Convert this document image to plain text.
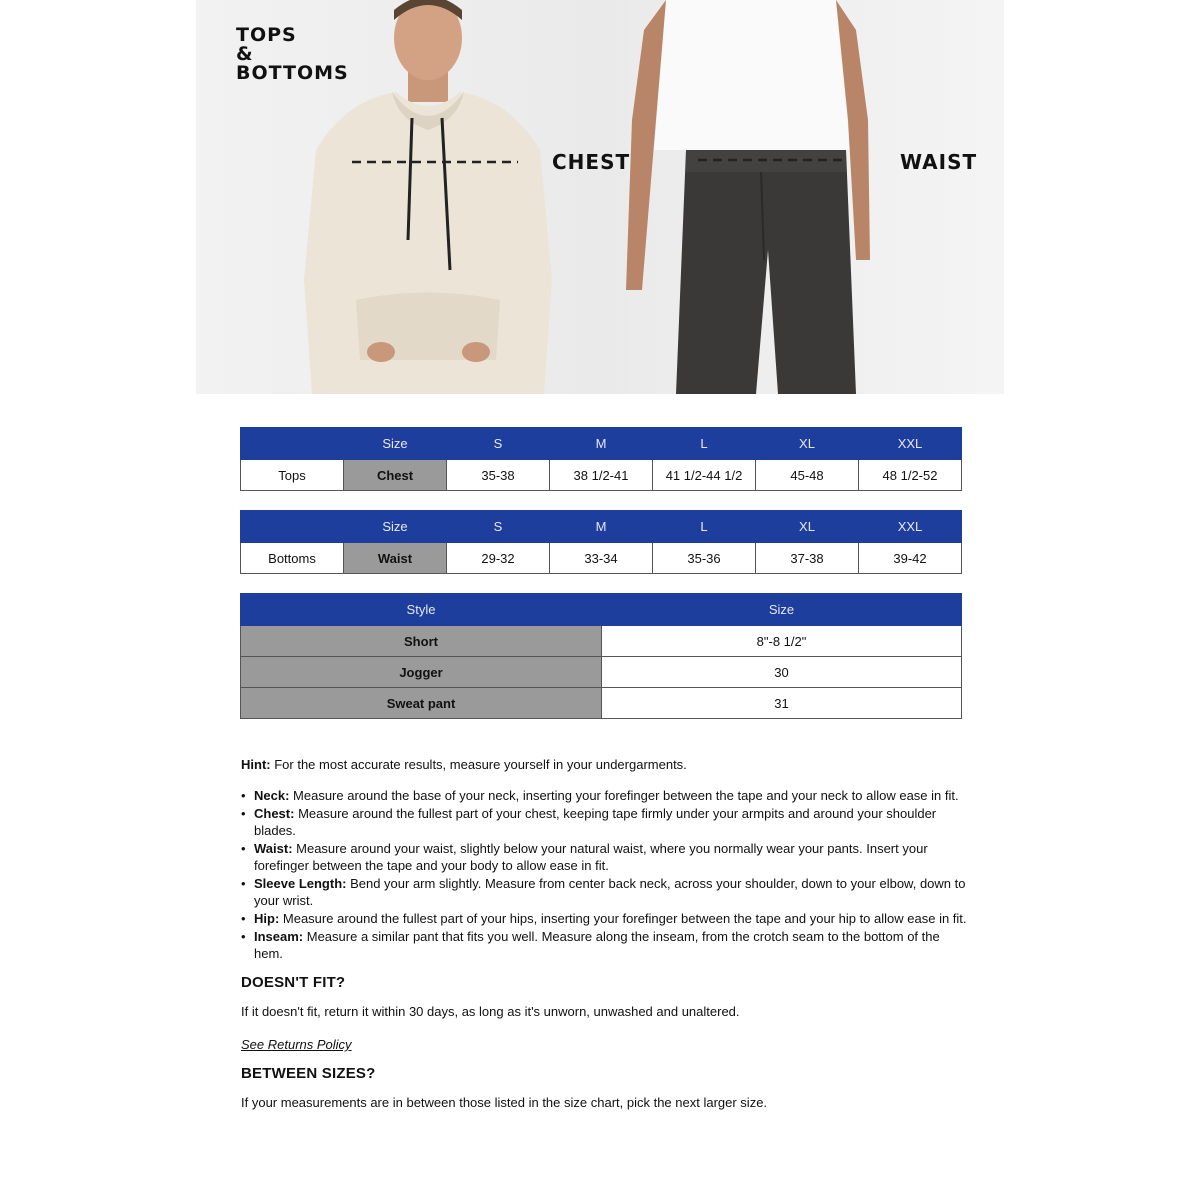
TOPS
&
BOTTOMS
CHEST	WAIST
	Size	S	M	L	XL	XXL
Tops	Chest	35-38	38 1/2-41	41 1/2-44 1/2	45-48	48 1/2-52
	Size	S	M	L	XL	XXL
Bottoms	Waist	29-32	33-34	35-36	37-38	39-42
Style	Size
Short	8"-8 1/2"
Jogger	30
Sweat pant	31

Hint: For the most accurate results, measure yourself in your undergarments.

• Neck: Measure around the base of your neck, inserting your forefinger between the tape and your neck to allow ease in fit.
• Chest: Measure around the fullest part of your chest, keeping tape firmly under your armpits and around your shoulder blades.
• Waist: Measure around your waist, slightly below your natural waist, where you normally wear your pants. Insert your forefinger between the tape and your body to allow ease in fit.
• Sleeve Length: Bend your arm slightly. Measure from center back neck, across your shoulder, down to your elbow, down to your wrist.
• Hip: Measure around the fullest part of your hips, inserting your forefinger between the tape and your hip to allow ease in fit.
• Inseam: Measure a similar pant that fits you well. Measure along the inseam, from the crotch seam to the bottom of the hem.
DOESN'T FIT?

If it doesn't fit, return it within 30 days, as long as it's unworn, unwashed and unaltered.

See Returns Policy
BETWEEN SIZES?

If your measurements are in between those listed in the size chart, pick the next larger size.
